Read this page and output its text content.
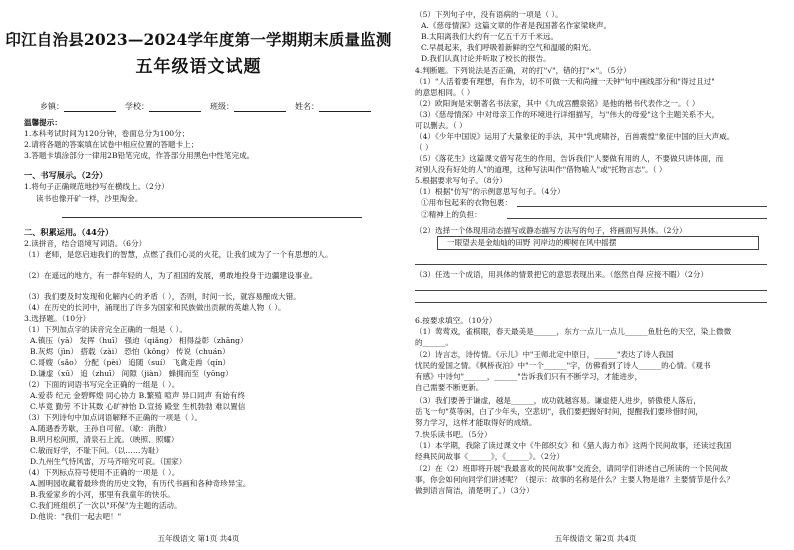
印江自治县2023—2024学年度第一学期期末质量监测
五年级语文试题
乡镇：	学校：	班级：	姓名：
温馨提示：
1.本科考试时间为120分钟，卷面总分为100分；
2.请将各题的答案填在试卷中相应位置的答题卡上；
3.答题卡填涂部分一律用2B铅笔完成，作答部分用黑色中性笔完成。
一、书写展示。（2分）
1.将句子正确规范地抄写在横线上。（2分）
读书也像开矿一样，沙里淘金。
二、积累运用。（44分）
2.读拼音，结合语境写词语。（6分）
（1）老师，是您启迪我们的智慧，点燃了我们心灵的火花，让我们成为了一个有思想的人。
（2）在遥远的地方，有一群年轻的人，为了祖国的发展，勇敢地投身于边疆建设事业。
（3）我们要及时发现和化解内心的矛盾（ ），否则，时间一长，就容易酿成大错。
（4）在历史的长河中，涌现出了许多为国家和民族做出贡献的英雄人物（ ）。
3.选择题。（10分）
（1）下列加点字的读音完全正确的一组是（ ）。
A.镇压（yā） 发挥（huī） 强迫（qiǎng） 相得益彰（zhāng）
B.灰烬（jìn） 搭载（zài） 恐怕（kǒng） 传说（chuán）
C.哥嫂（sǎo） 分配（pèi） 追随（suí） 飞禽走兽（qín）
D.谦虚（xū） 追（zhuī） 间隙（jiàn） 蜂拥而至（yōng）
（2）下面的词语书写完全正确的一组是（ ）。
A.爱恭 纪元 金碧辉煌 同心协力 B.繁殖 喧声 异口同声 有始有终
C.毕竟 勤劳 不计其数 心旷神怡 D.宣扬 殿堂 生机勃勃 难以置信
（3）下列诗句中加点词语解释不正确的一项是（ ）。
A.随遇香芳歇，王孙自可留。（歇：消散）
B.明月松间照，清泉石上流。（映照、照耀）
C.敏而好学，不耻下问。（以……为耻）
D.九州生气恃风雷，万马齐喑究可哀。（国家）
（4）下列标点符号使用不正确的一项是（ ）。
A.圆明园收藏着最珍贵的历史文物，有历代书画和各种奇珍异宝。
B.我爱家乡的小河，那里有我童年的快乐。
C.我们班组织了一次以"环保"为主题的活动。
D.他说："我们一起去吧！"
五年级语文 第1页 共4页
（5）下列句子中，没有语病的一项是（ ）。
A.《慈母情深》这篇文章的作者是我国著名作家梁晓声。
B.太阳离我们大约有一亿五千万千米远。
C.早晨起来，我们呼吸着新鲜的空气和温暖的阳光。
D.我们认真讨论并听取了校长的报告。
4.判断题。下列说法是否正确，对的打"√"，错的打"×"。（5分）
（1）"人活着要有理想，有作为，切不可做一天和尚撞一天钟"句中画线部分和"得过且过"
的意思相同。（ ）
（2）欧阳询是宋朝著名书法家，其中《九成宫醴泉铭》是他的楷书代表作之一。（ ）
（3）《慈母情深》中对母亲工作的环境进行详细描写，与"伟大的母爱"这个主题关系不大，
可以删去。（ ）
（4）《少年中国说》运用了大量象征的手法，其中"乳虎啸谷，百兽震惶"象征中国的巨大声威。
（ ）
（5）《落花生》这篇课文借写花生的作用，告诉我们"人要做有用的人，不要做只讲体面，而
对别人没有好处的人"的道理，这种写法叫作"借物喻人"或"托物言志"。（ ）
5.根据要求写句子。（8分）
（1）根据"仿写"的示例意思写句子。（4分）
①用布包起来的衣物包裹：
②精神上的负担：
（2）选择一个体现用动态描写或静态描写方法写的句子，将画面写具体。（2分）
一眼望去是金灿灿的田野 河岸边的柳树在风中摇摆
（3）任选一个成语，用具体的情景把它的意思表现出来。（悠然自得 应接不暇）（2分）
6.按要求填空。（10分）
（1）莺莺戏，雀棋眼，春天最美是______，东方一点儿一点儿______鱼肚色的天空，染上微微
的______。
（2）诗言志，诗传情。《示儿》中"王师北定中原日，______"表达了诗人我国
忧民的爱国之情。《枫桥夜泊》中"一个______"字，仿佛看到了诗人______的心情。《观书
有感》中诗句"______，______"告诉我们只有不断学习，才能进步，
自己需要不断更新。
（3）我们要善于谦虚，越是______，成功就越容易。谦虚使人进步，骄傲使人落后，
岳飞一句"莫等闲，白了少年头，空悲切"，我们要把握好时间，提醒我们要珍惜时间，
努力学习，这样才能取得好的成绩。
7.快乐读书吧。（5分）
（1）本学期，我除了读过课文中《牛郎织女》和《猎人海力布》这两个民间故事，还读过我国
经典民间故事《______》，《______》。（2分）
（2）在（2）班即将开展"我最喜欢的民间故事"交流会，请同学们讲述自己所读的一个民间故
事，你会如何向同学们讲述呢？（提示：故事的名称是什么？主要人物是谁？主要情节是什么？
做到语言简洁，清楚明了。）（3分）
五年级语文 第2页 共4页
